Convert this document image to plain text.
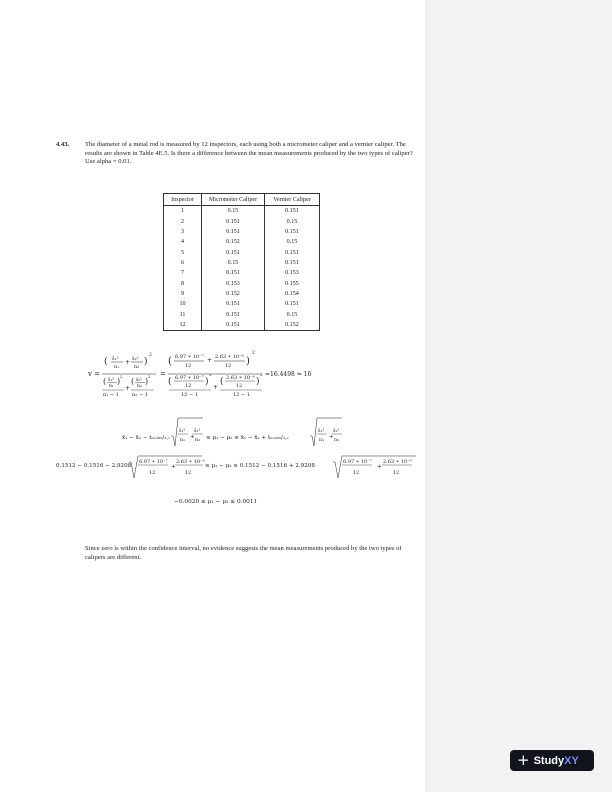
4.43. The diameter of a metal rod is measured by 12 inspectors, each using both a micrometer caliper and a vernier caliper. The results are shown in Table 4E.5. Is there a difference between the mean measurements produced by the two types of caliper? Use alpha = 0.01.
Inspector	Micrometer Caliper	Vernier Caliper
1	0.15	0.151
2	0.151	0.15
3	0.151	0.151
4	0.152	0.15
5	0.151	0.151
6	0.15	0.151
7	0.151	0.153
8	0.153	0.155
9	0.152	0.154
10	0.151	0.151
11	0.151	0.15
12	0.151	0.152
v =
( s̄₁²
n₁
+ s̄₂²
n₂ )
2
( s̄₁²
n₁
)
2
n₁ − 1
+
( s̄₂²
n₂
)
2
n₂ − 1
=
( 6.97 ∗ 10⁻⁷
12
+ 2.63 ∗ 10⁻⁶
12 )
2
( 6.97 ∗ 10⁻⁷
12 )
2
12 − 1
+
( 2.63 ∗ 10⁻⁶
12 )
2
12 − 1
=16.4498 ⇒ 16
x̄₁ − x̄₂ − t₀.₀₀₅/₂,ᵥ
s̄₁²
n₁
+
s̄₂²
n₂ ≤ μ₁ − μ₂ ≤ x̄₁ − x̄₂ + t₀.₀₀₅/₂,ᵥ
s̄₁²
n₁
+
s̄₂²
n₂
0.1512 − 0.1516 − 2.9208
6.97 ∗ 10⁻⁷
12
+
2.63 ∗ 10⁻⁶
12
≤ μ₁ − μ₂ ≤ 0.1512 − 0.1516 + 2.9208
6.97 ∗ 10⁻⁷
12
+
2.63 ∗ 10⁻⁶
12
−0.0020 ≤ μ₁ − μ₂ ≤ 0.0011
Since zero is within the confidence interval, no evidence suggests the mean measurements produced by the two types of calipers are different.
+ StudyXY
